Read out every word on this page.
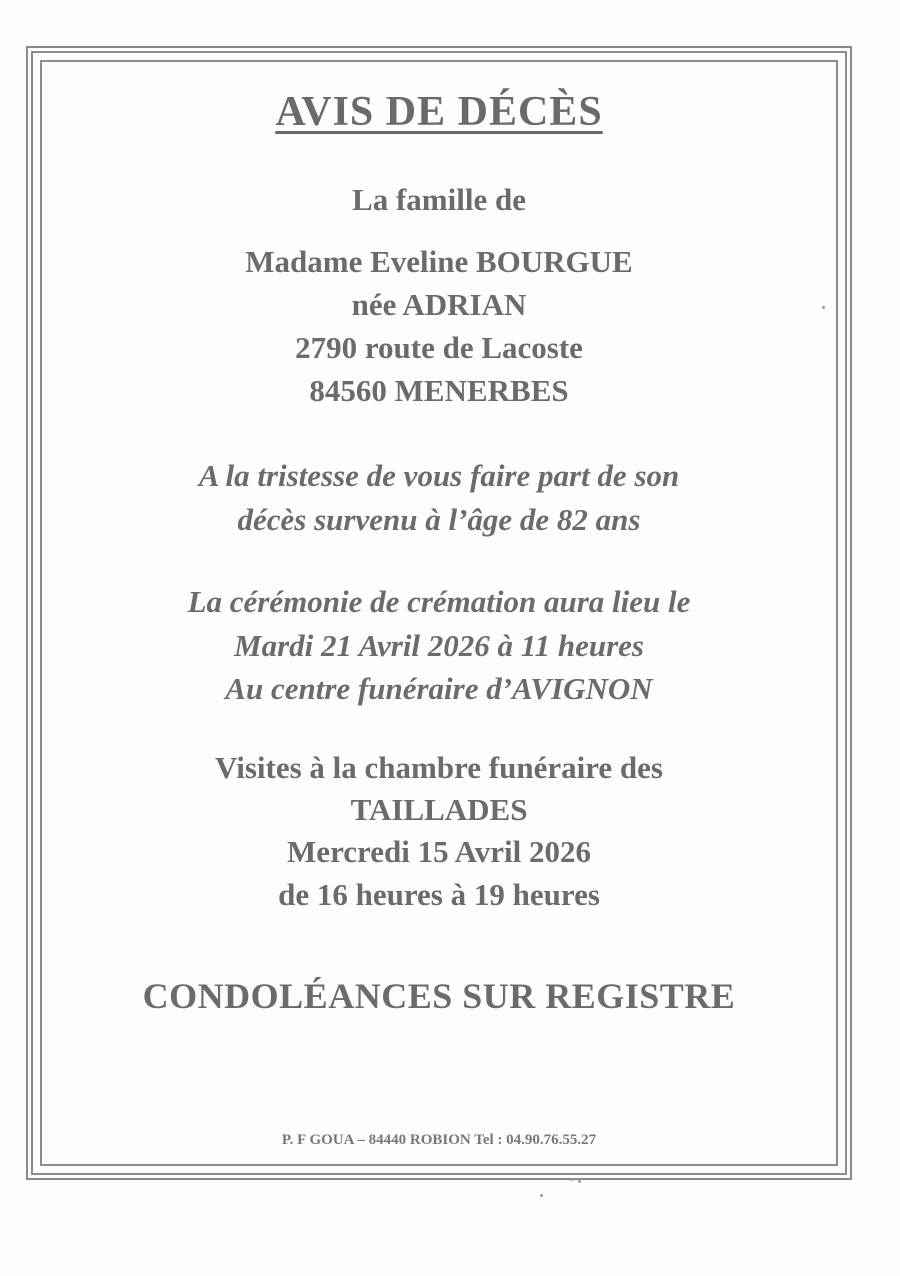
AVIS DE DÉCÈS
La famille de
Madame Eveline BOURGUE
née ADRIAN
2790 route de Lacoste
84560 MENERBES
A la tristesse de vous faire part de son
décès survenu à l’âge de 82 ans
La cérémonie de crémation aura lieu le
Mardi 21 Avril 2026 à 11 heures
Au centre funéraire d’AVIGNON
Visites à la chambre funéraire des
TAILLADES
Mercredi 15 Avril 2026
de 16 heures à 19 heures
CONDOLÉANCES SUR REGISTRE
P. F GOUA – 84440 ROBION Tel : 04.90.76.55.27
